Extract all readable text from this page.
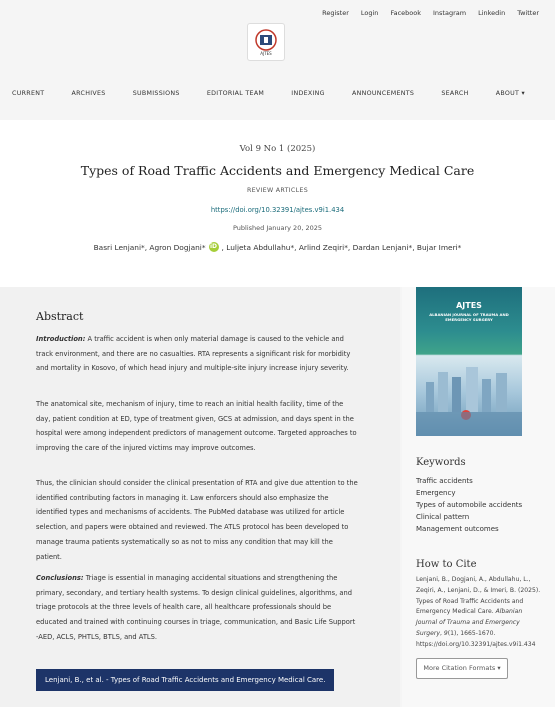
Register Login Facebook Instagram Linkedin Twitter
AJTES
CURRENT	ARCHIVES	SUBMISSIONS	EDITORIAL TEAM	INDEXING	ANNOUNCEMENTS	SEARCH	ABOUT ▾
Vol 9 No 1 (2025)
Types of Road Traffic Accidents and Emergency Medical Care
REVIEW ARTICLES
https://doi.org/10.32391/ajtes.v9i1.434
Published January 20, 2025
Basri Lenjani*, Agron Dogjani* iD , Luljeta Abdullahu*, Arlind Zeqiri*, Dardan Lenjani*, Bujar Imeri*
Abstract
Introduction: A traffic accident is when only material damage is caused to the vehicle and track environment, and there are no casualties. RTA represents a significant risk for morbidity and mortality in Kosovo, of which head injury and multiple-site injury increase injury severity.
The anatomical site, mechanism of injury, time to reach an initial health facility, time of the day, patient condition at ED, type of treatment given, GCS at admission, and days spent in the hospital were among independent predictors of management outcome. Targeted approaches to improving the care of the injured victims may improve outcomes.
Thus, the clinician should consider the clinical presentation of RTA and give due attention to the identified contributing factors in managing it. Law enforcers should also emphasize the identified types and mechanisms of accidents. The PubMed database was utilized for article selection, and papers were obtained and reviewed. The ATLS protocol has been developed to manage trauma patients systematically so as not to miss any condition that may kill the patient.
Conclusions: Triage is essential in managing accidental situations and strengthening the primary, secondary, and tertiary health systems. To design clinical guidelines, algorithms, and triage protocols at the three levels of health care, all healthcare professionals should be educated and trained with continuing courses in triage, communication, and Basic Life Support -AED, ACLS, PHTLS, BTLS, and ATLS.
Lenjani, B., et al. - Types of Road Traffic Accidents and Emergency Medical Care.
AJTES
ALBANIAN JOURNAL OF TRAUMA AND EMERGENCY SURGERY
Keywords
Traffic accidents
Emergency
Types of automobile accidents
Clinical pattern
Management outcomes
How to Cite
Lenjani, B., Dogjani, A., Abdullahu, L., Zeqiri, A., Lenjani, D., & Imeri, B. (2025). Types of Road Traffic Accidents and Emergency Medical Care. Albanian Journal of Trauma and Emergency Surgery, 9(1), 1665-1670. https://doi.org/10.32391/ajtes.v9i1.434
More Citation Formats ▾
